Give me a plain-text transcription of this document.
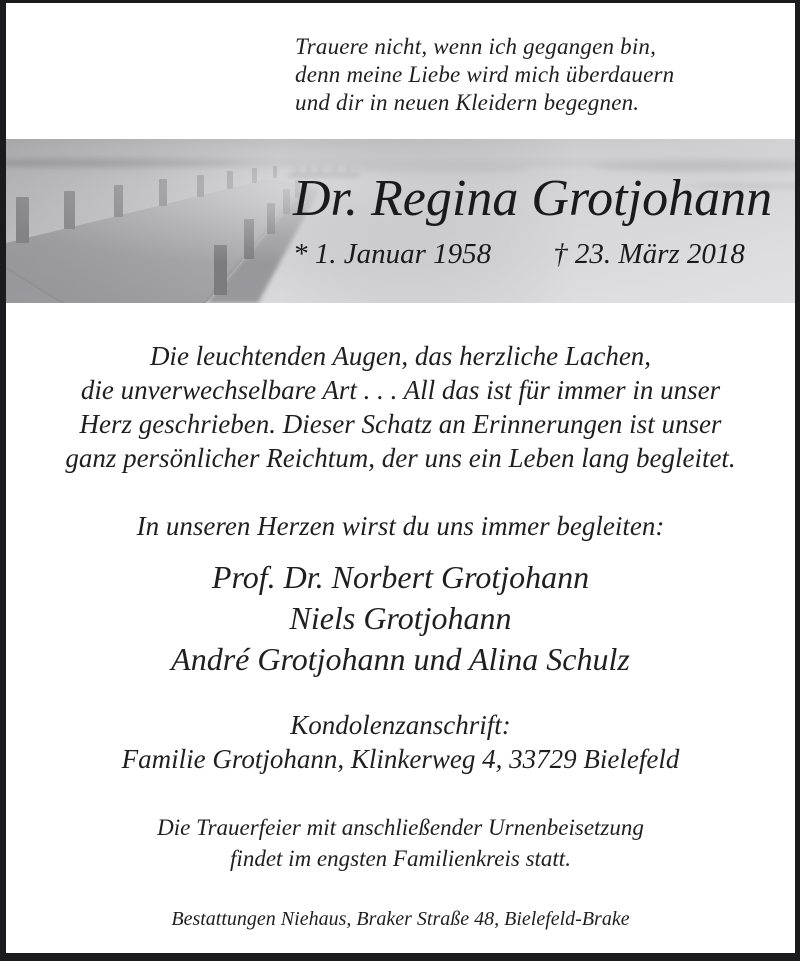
Trauere nicht, wenn ich gegangen bin,
denn meine Liebe wird mich überdauern
und dir in neuen Kleidern begegnen.
Dr. Regina Grotjohann
* 1. Januar 1958 † 23. März 2018
Die leuchtenden Augen, das herzliche Lachen,
die unverwechselbare Art . . . All das ist für immer in unser
Herz geschrieben. Dieser Schatz an Erinnerungen ist unser
ganz persönlicher Reichtum, der uns ein Leben lang begleitet.
In unseren Herzen wirst du uns immer begleiten:
Prof. Dr. Norbert Grotjohann
Niels Grotjohann
André Grotjohann und Alina Schulz
Kondolenzanschrift:
Familie Grotjohann, Klinkerweg 4, 33729 Bielefeld
Die Trauerfeier mit anschließender Urnenbeisetzung
findet im engsten Familienkreis statt.
Bestattungen Niehaus, Braker Straße 48, Bielefeld-Brake
